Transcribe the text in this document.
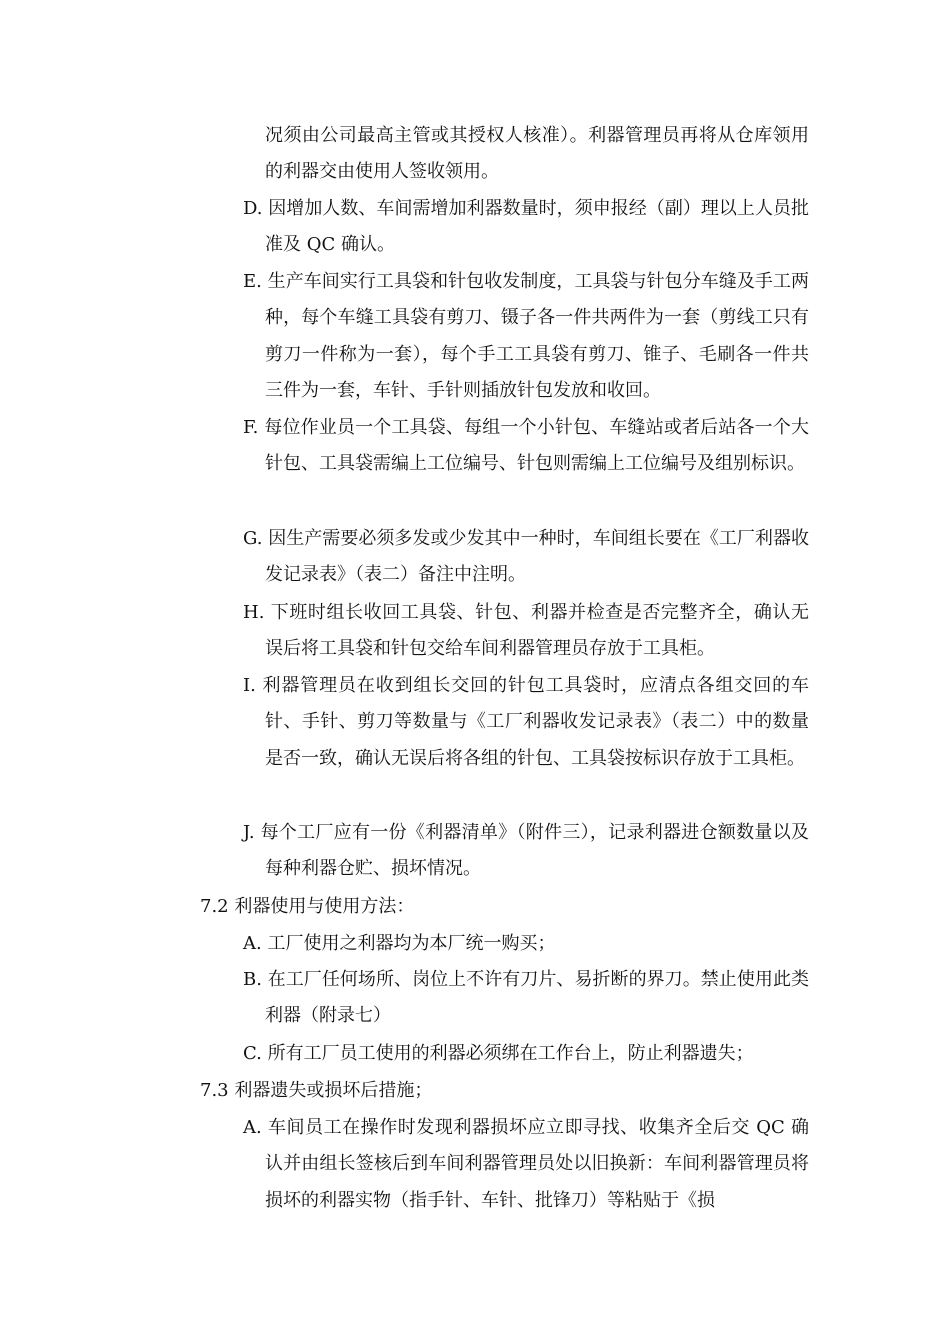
况须由公司最高主管或其授权人核准）。利器管理员再将从仓库领用的利器交由使用人签收领用。

D. 因增加人数、车间需增加利器数量时，须申报经（副）理以上人员批准及 QC 确认。

E. 生产车间实行工具袋和针包收发制度，工具袋与针包分车缝及手工两种，每个车缝工具袋有剪刀、镊子各一件共两件为一套（剪线工只有剪刀一件称为一套），每个手工工具袋有剪刀、锥子、毛刷各一件共三件为一套，车针、手针则插放针包发放和收回。

F. 每位作业员一个工具袋、每组一个小针包、车缝站或者后站各一个大针包、工具袋需编上工位编号、针包则需编上工位编号及组别标识。

G. 因生产需要必须多发或少发其中一种时，车间组长要在《工厂利器收发记录表》（表二）备注中注明。

H. 下班时组长收回工具袋、针包、利器并检查是否完整齐全，确认无误后将工具袋和针包交给车间利器管理员存放于工具柜。

I. 利器管理员在收到组长交回的针包工具袋时，应清点各组交回的车针、手针、剪刀等数量与《工厂利器收发记录表》（表二）中的数量是否一致，确认无误后将各组的针包、工具袋按标识存放于工具柜。

J. 每个工厂应有一份《利器清单》（附件三），记录利器进仓额数量以及每种利器仓贮、损坏情况。

7.2 利器使用与使用方法：

A. 工厂使用之利器均为本厂统一购买；

B. 在工厂任何场所、岗位上不许有刀片、易折断的界刀。禁止使用此类利器（附录七）

C. 所有工厂员工使用的利器必须绑在工作台上，防止利器遗失；

7.3 利器遗失或损坏后措施；

A. 车间员工在操作时发现利器损坏应立即寻找、收集齐全后交 QC 确认并由组长签核后到车间利器管理员处以旧换新：车间利器管理员将损坏的利器实物（指手针、车针、批锋刀）等粘贴于《损
